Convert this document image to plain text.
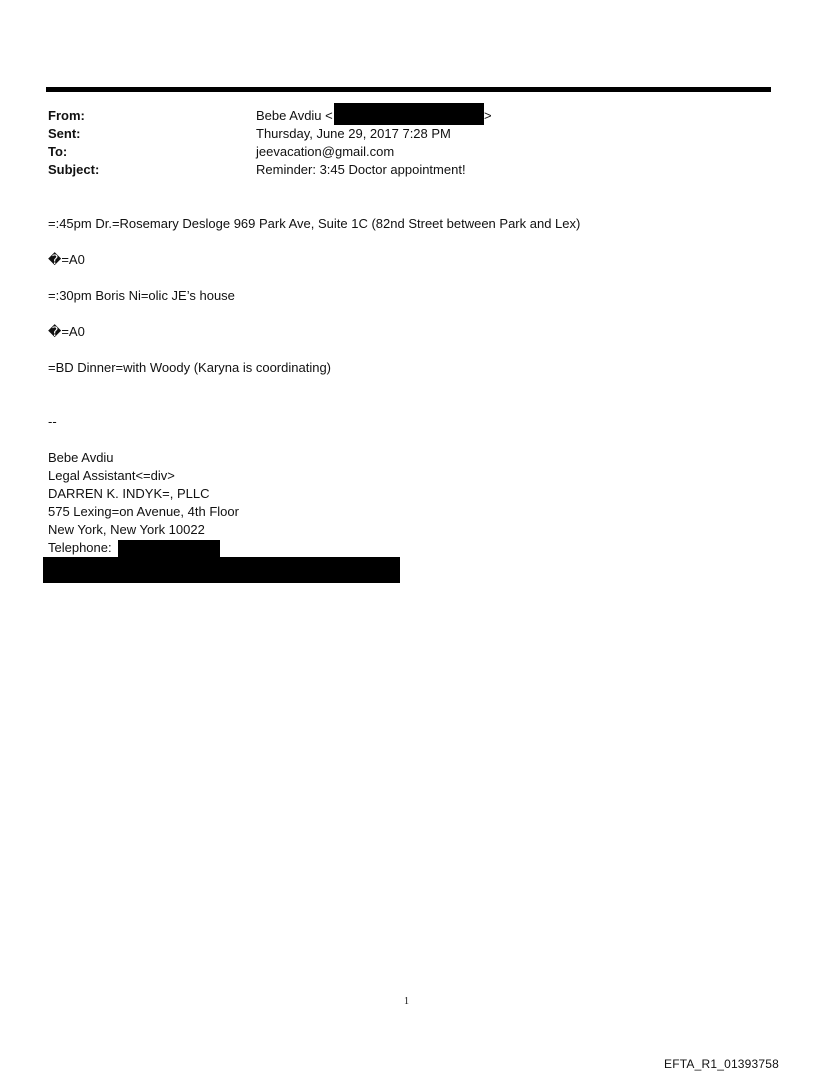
From:	Bebe Avdiu <	>
Sent:	Thursday, June 29, 2017 7:28 PM
To:	jeevacation@gmail.com
Subject:	Reminder: 3:45 Doctor appointment!
=:45pm Dr.=Rosemary Desloge 969 Park Ave, Suite 1C (82nd Street between Park and Lex)
�=A0
=:30pm Boris Ni=olic JE’s house
�=A0
=BD Dinner=with Woody (Karyna is coordinating)
--
Bebe Avdiu
Legal Assistant<=div>
DARREN K. INDYK=, PLLC
575 Lexing=on Avenue, 4th Floor
New York, New York 10022
Telephone:
1
EFTA_R1_01393758
